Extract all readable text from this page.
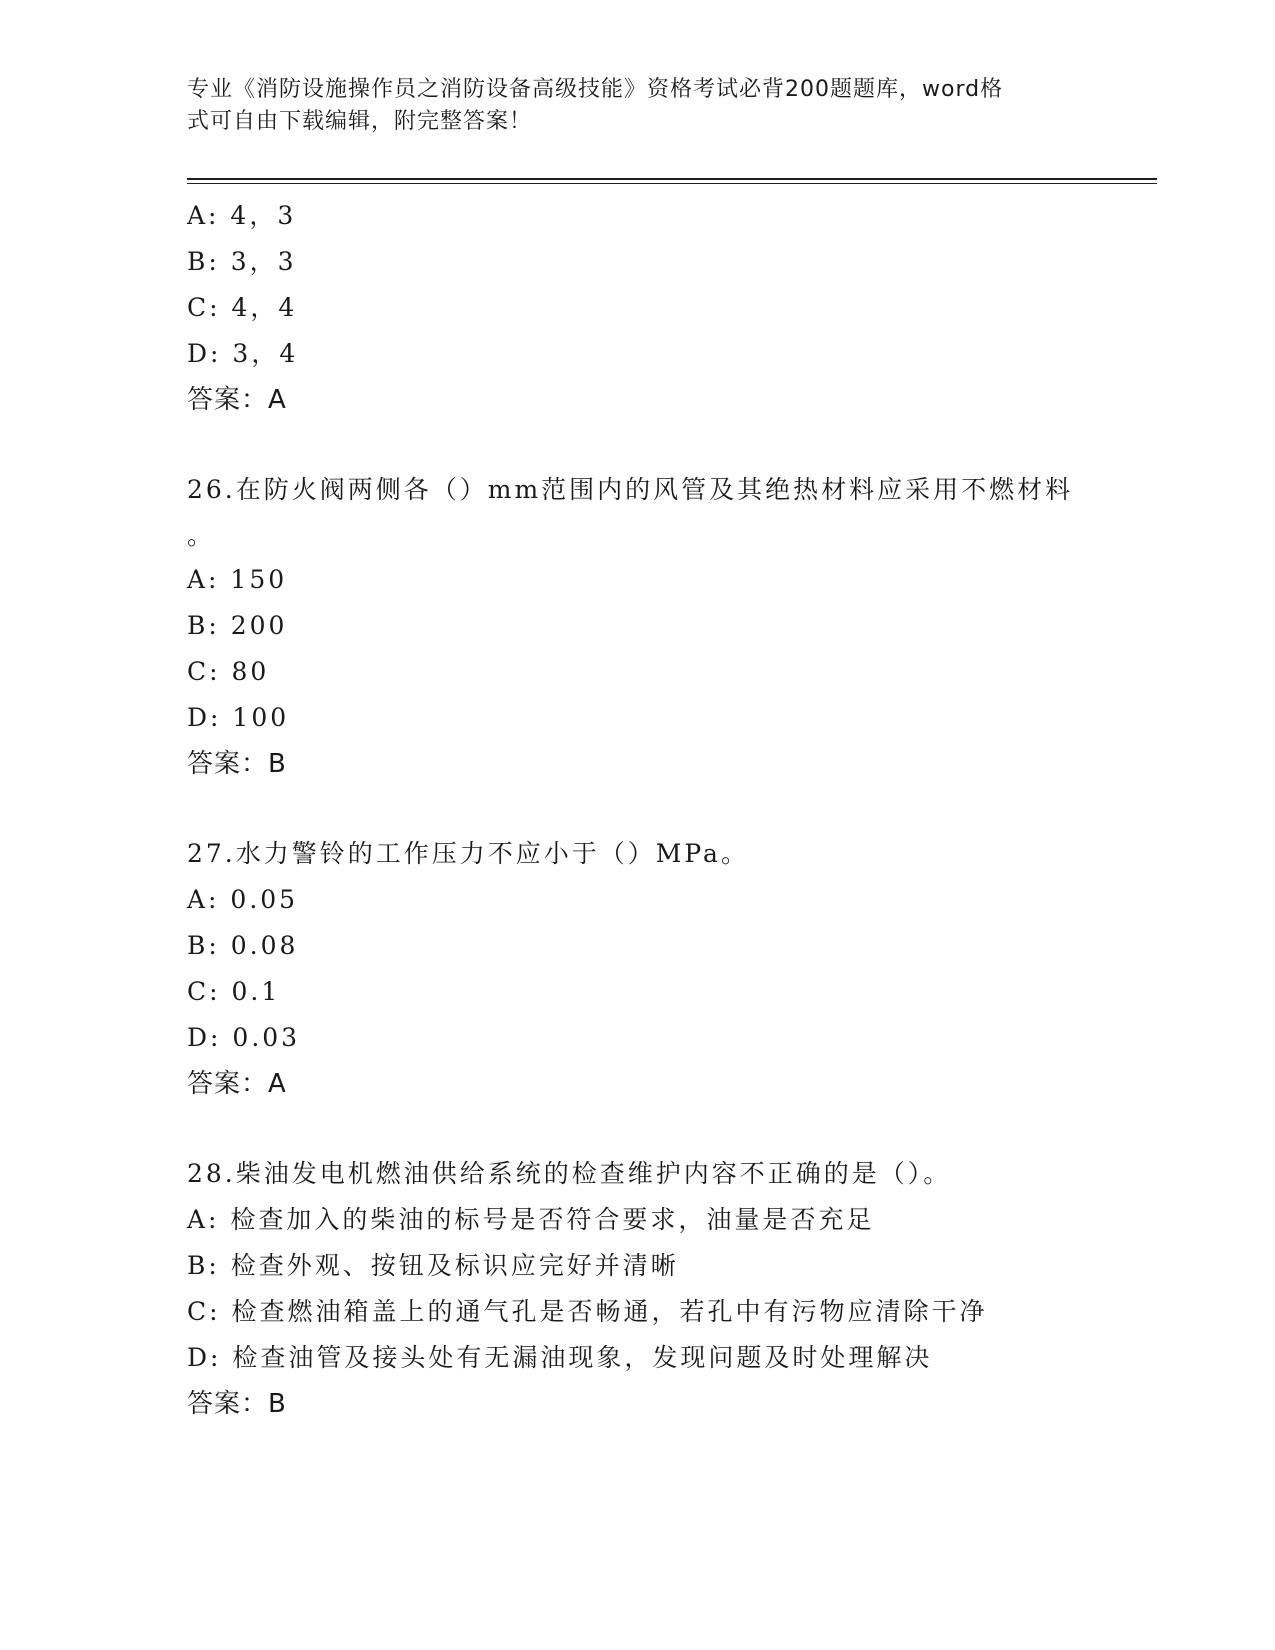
专业《消防设施操作员之消防设备高级技能》资格考试必背200题题库，word格
式可自由下载编辑，附完整答案！
A: 4，3
B: 3，3
C: 4，4
D: 3，4
答案：A
26.在防火阀两侧各（）mm范围内的风管及其绝热材料应采用不燃材料
。
A: 150
B: 200
C: 80
D: 100
答案：B
27.水力警铃的工作压力不应小于（）MPa。
A: 0.05
B: 0.08
C: 0.1
D: 0.03
答案：A
28.柴油发电机燃油供给系统的检查维护内容不正确的是（）。
A: 检查加入的柴油的标号是否符合要求，油量是否充足
B: 检查外观、按钮及标识应完好并清晰
C: 检查燃油箱盖上的通气孔是否畅通，若孔中有污物应清除干净
D: 检查油管及接头处有无漏油现象，发现问题及时处理解决
答案：B
